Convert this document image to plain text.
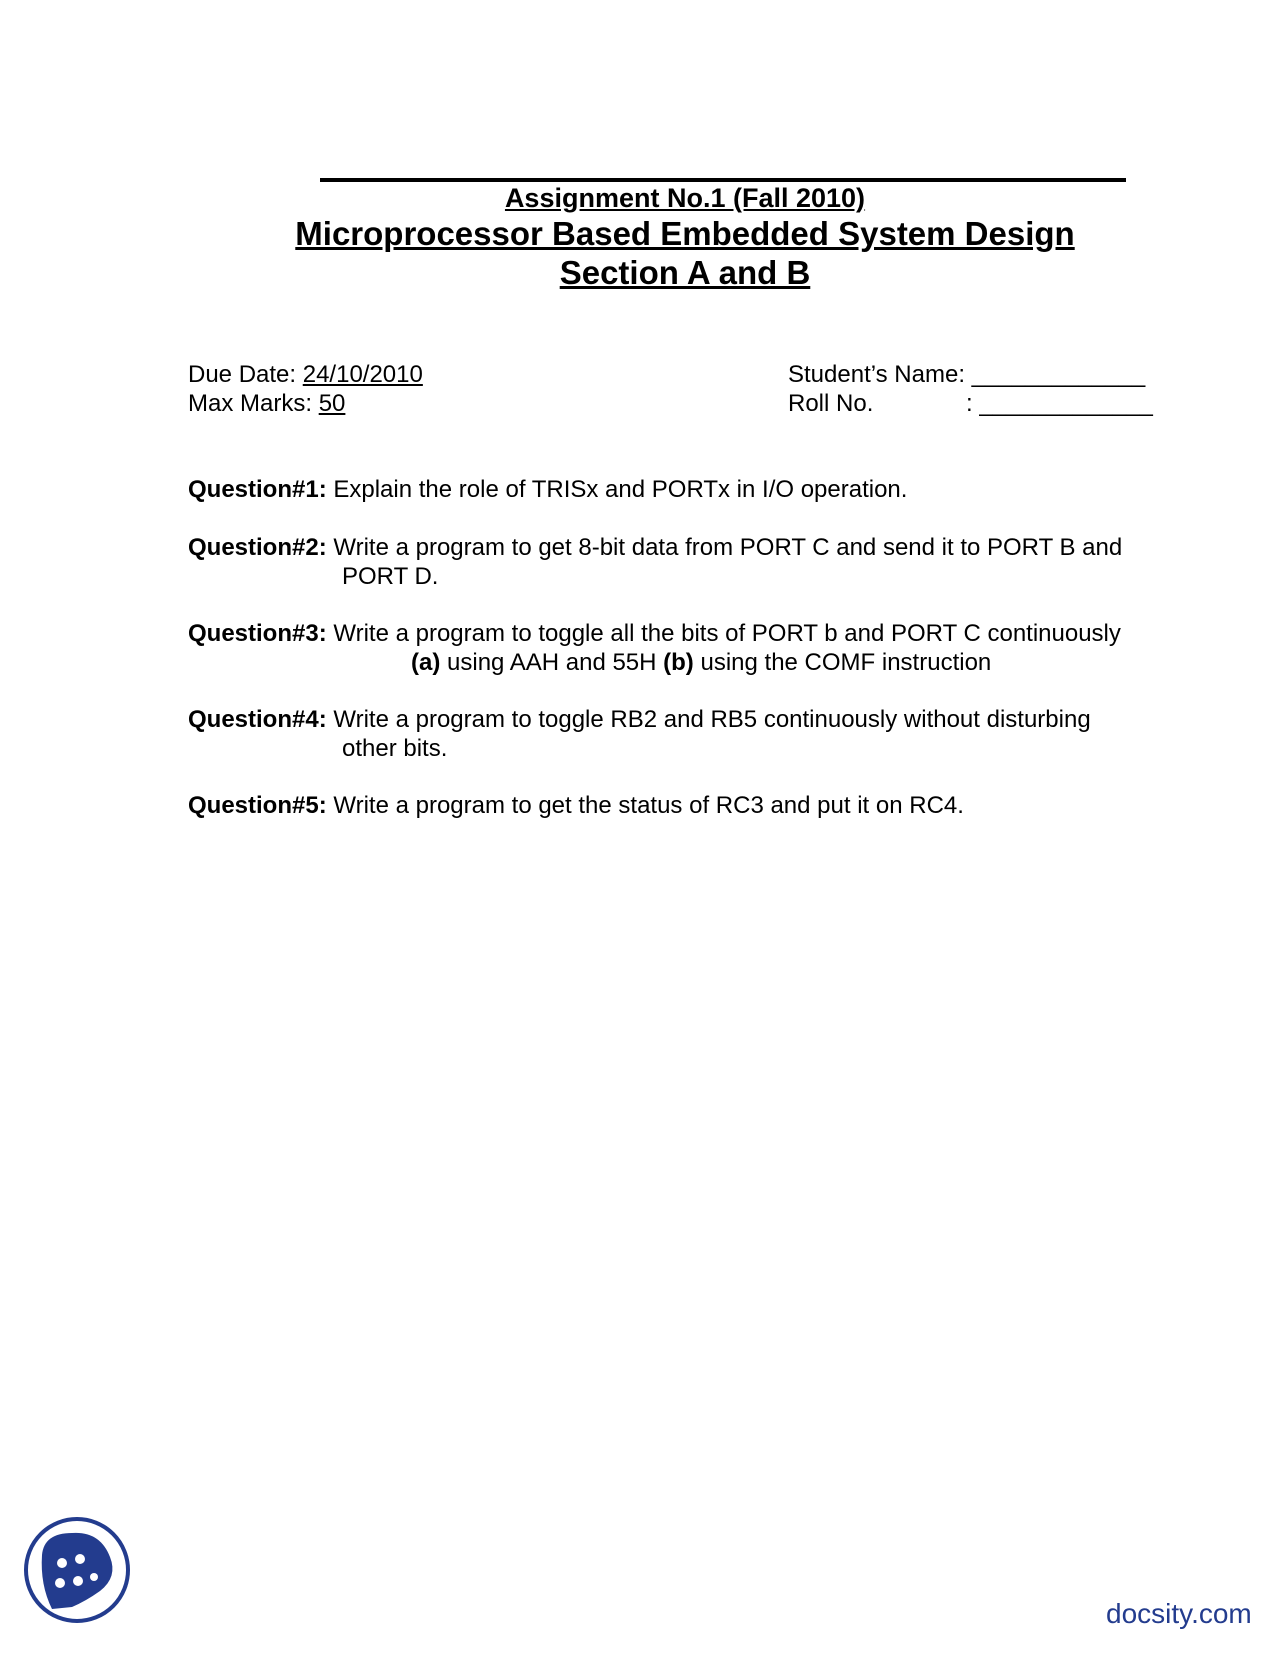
Assignment No.1 (Fall 2010)
Microprocessor Based Embedded System Design
Section A and B
Due Date: 24/10/2010
Max Marks: 50
Student’s Name: _____________
Roll No.	: _____________
Question#1: Explain the role of TRISx and PORTx in I/O operation.
Question#2: Write a program to get 8-bit data from PORT C and send it to PORT B and
PORT D.
Question#3: Write a program to toggle all the bits of PORT b and PORT C continuously
(a) using AAH and 55H (b) using the COMF instruction
Question#4: Write a program to toggle RB2 and RB5 continuously without disturbing
other bits.
Question#5: Write a program to get the status of RC3 and put it on RC4.
docsity.com
